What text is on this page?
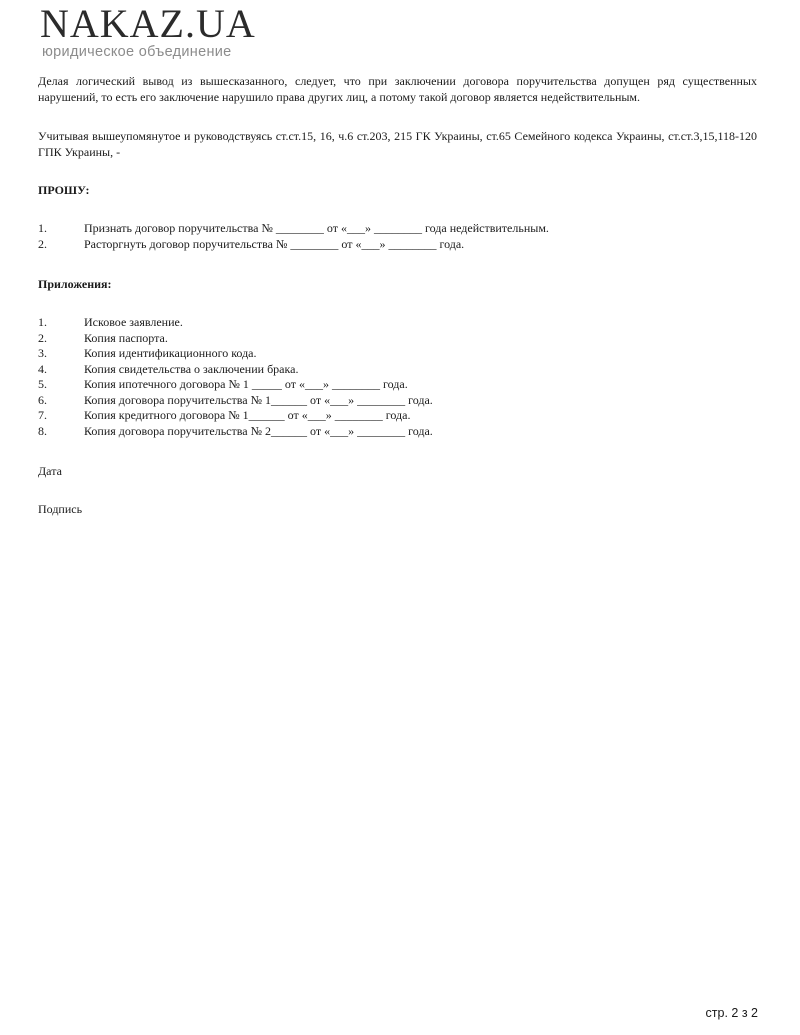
NAKAZ.UA
юридическое объединение
Делая логический вывод из вышесказанного, следует, что при заключении договора поручительства допущен ряд существенных нарушений, то есть его заключение нарушило права других лиц, а потому такой договор является недействительным.
Учитывая вышеупомянутое и руководствуясь ст.ст.15, 16, ч.6 ст.203, 215 ГК Украины, ст.65 Семейного кодекса Украины, ст.ст.3,15,118-120 ГПК Украины, -
ПРОШУ:
1.	Признать договор поручительства № ________ от «___» ________ года недействительным.
2.	Расторгнуть договор поручительства № ________ от «___» ________ года.
Приложения:
1.	Исковое заявление.
2.	Копия паспорта.
3.	Копия идентификационного кода.
4.	Копия свидетельства о заключении брака.
5.	Копия ипотечного договора № 1 _____ от «___» ________ года.
6.	Копия договора поручительства № 1______ от «___» ________ года.
7.	Копия кредитного договора № 1______ от «___» ________ года.
8.	Копия договора поручительства № 2______ от «___» ________ года.
Дата
Подпись
стр. 2 з 2
